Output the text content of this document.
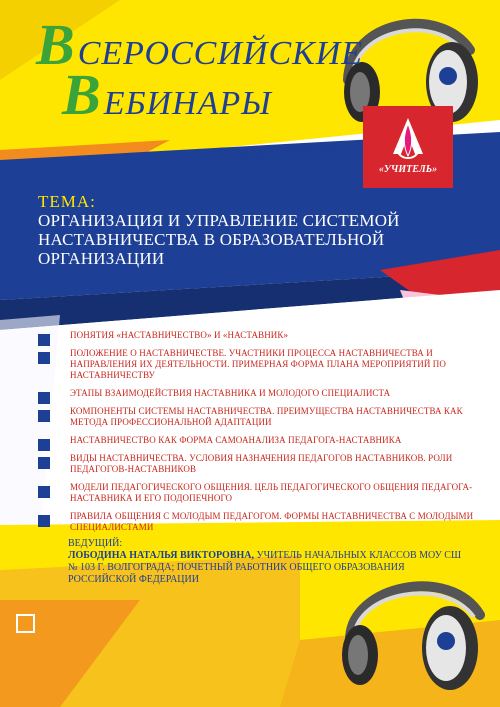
ВСЕРОССИЙСКИЕ
ВЕБИНАРЫ
ОТ ИЗДАТЕЛЬСТВА
«УЧИТЕЛЬ»
ТЕМА:
ОРГАНИЗАЦИЯ И УПРАВЛЕНИЕ СИСТЕМОЙ НАСТАВНИЧЕСТВА В ОБРАЗОВАТЕЛЬНОЙ ОРГАНИЗАЦИИ
ПОНЯТИЯ «НАСТАВНИЧЕСТВО» И «НАСТАВНИК»
ПОЛОЖЕНИЕ О НАСТАВНИЧЕСТВЕ. УЧАСТНИКИ ПРОЦЕССА НАСТАВНИЧЕСТВА И НАПРАВЛЕНИЯ ИХ ДЕЯТЕЛЬНОСТИ. ПРИМЕРНАЯ ФОРМА ПЛАНА МЕРОПРИЯТИЙ ПО НАСТАВНИЧЕСТВУ
ЭТАПЫ ВЗАИМОДЕЙСТВИЯ НАСТАВНИКА И МОЛОДОГО СПЕЦИАЛИСТА
КОМПОНЕНТЫ СИСТЕМЫ НАСТАВНИЧЕСТВА. ПРЕИМУЩЕСТВА НАСТАВНИЧЕСТВА КАК МЕТОДА ПРОФЕССИОНАЛЬНОЙ АДАПТАЦИИ
НАСТАВНИЧЕСТВО КАК ФОРМА САМОАНАЛИЗА ПЕДАГОГА-НАСТАВНИКА
ВИДЫ НАСТАВНИЧЕСТВА. УСЛОВИЯ НАЗНАЧЕНИЯ ПЕДАГОГОВ НАСТАВНИКОВ. РОЛИ ПЕДАГОГОВ-НАСТАВНИКОВ
МОДЕЛИ ПЕДАГОГИЧЕСКОГО ОБЩЕНИЯ. ЦЕЛЬ ПЕДАГОГИЧЕСКОГО ОБЩЕНИЯ ПЕДАГОГА-НАСТАВНИКА И ЕГО ПОДОПЕЧНОГО
ПРАВИЛА ОБЩЕНИЯ С МОЛОДЫМ ПЕДАГОГОМ. ФОРМЫ НАСТАВНИЧЕСТВА С МОЛОДЫМИ СПЕЦИАЛИСТАМИ
ВЕДУЩИЙ:
ЛОБОДИНА НАТАЛЬЯ ВИКТОРОВНА, УЧИТЕЛЬ НАЧАЛЬНЫХ КЛАССОВ МОУ СШ № 103 Г. ВОЛГОГРАДА; ПОЧЕТНЫЙ РАБОТНИК ОБЩЕГО ОБРАЗОВАНИЯ РОССИЙСКОЙ ФЕДЕРАЦИИ
